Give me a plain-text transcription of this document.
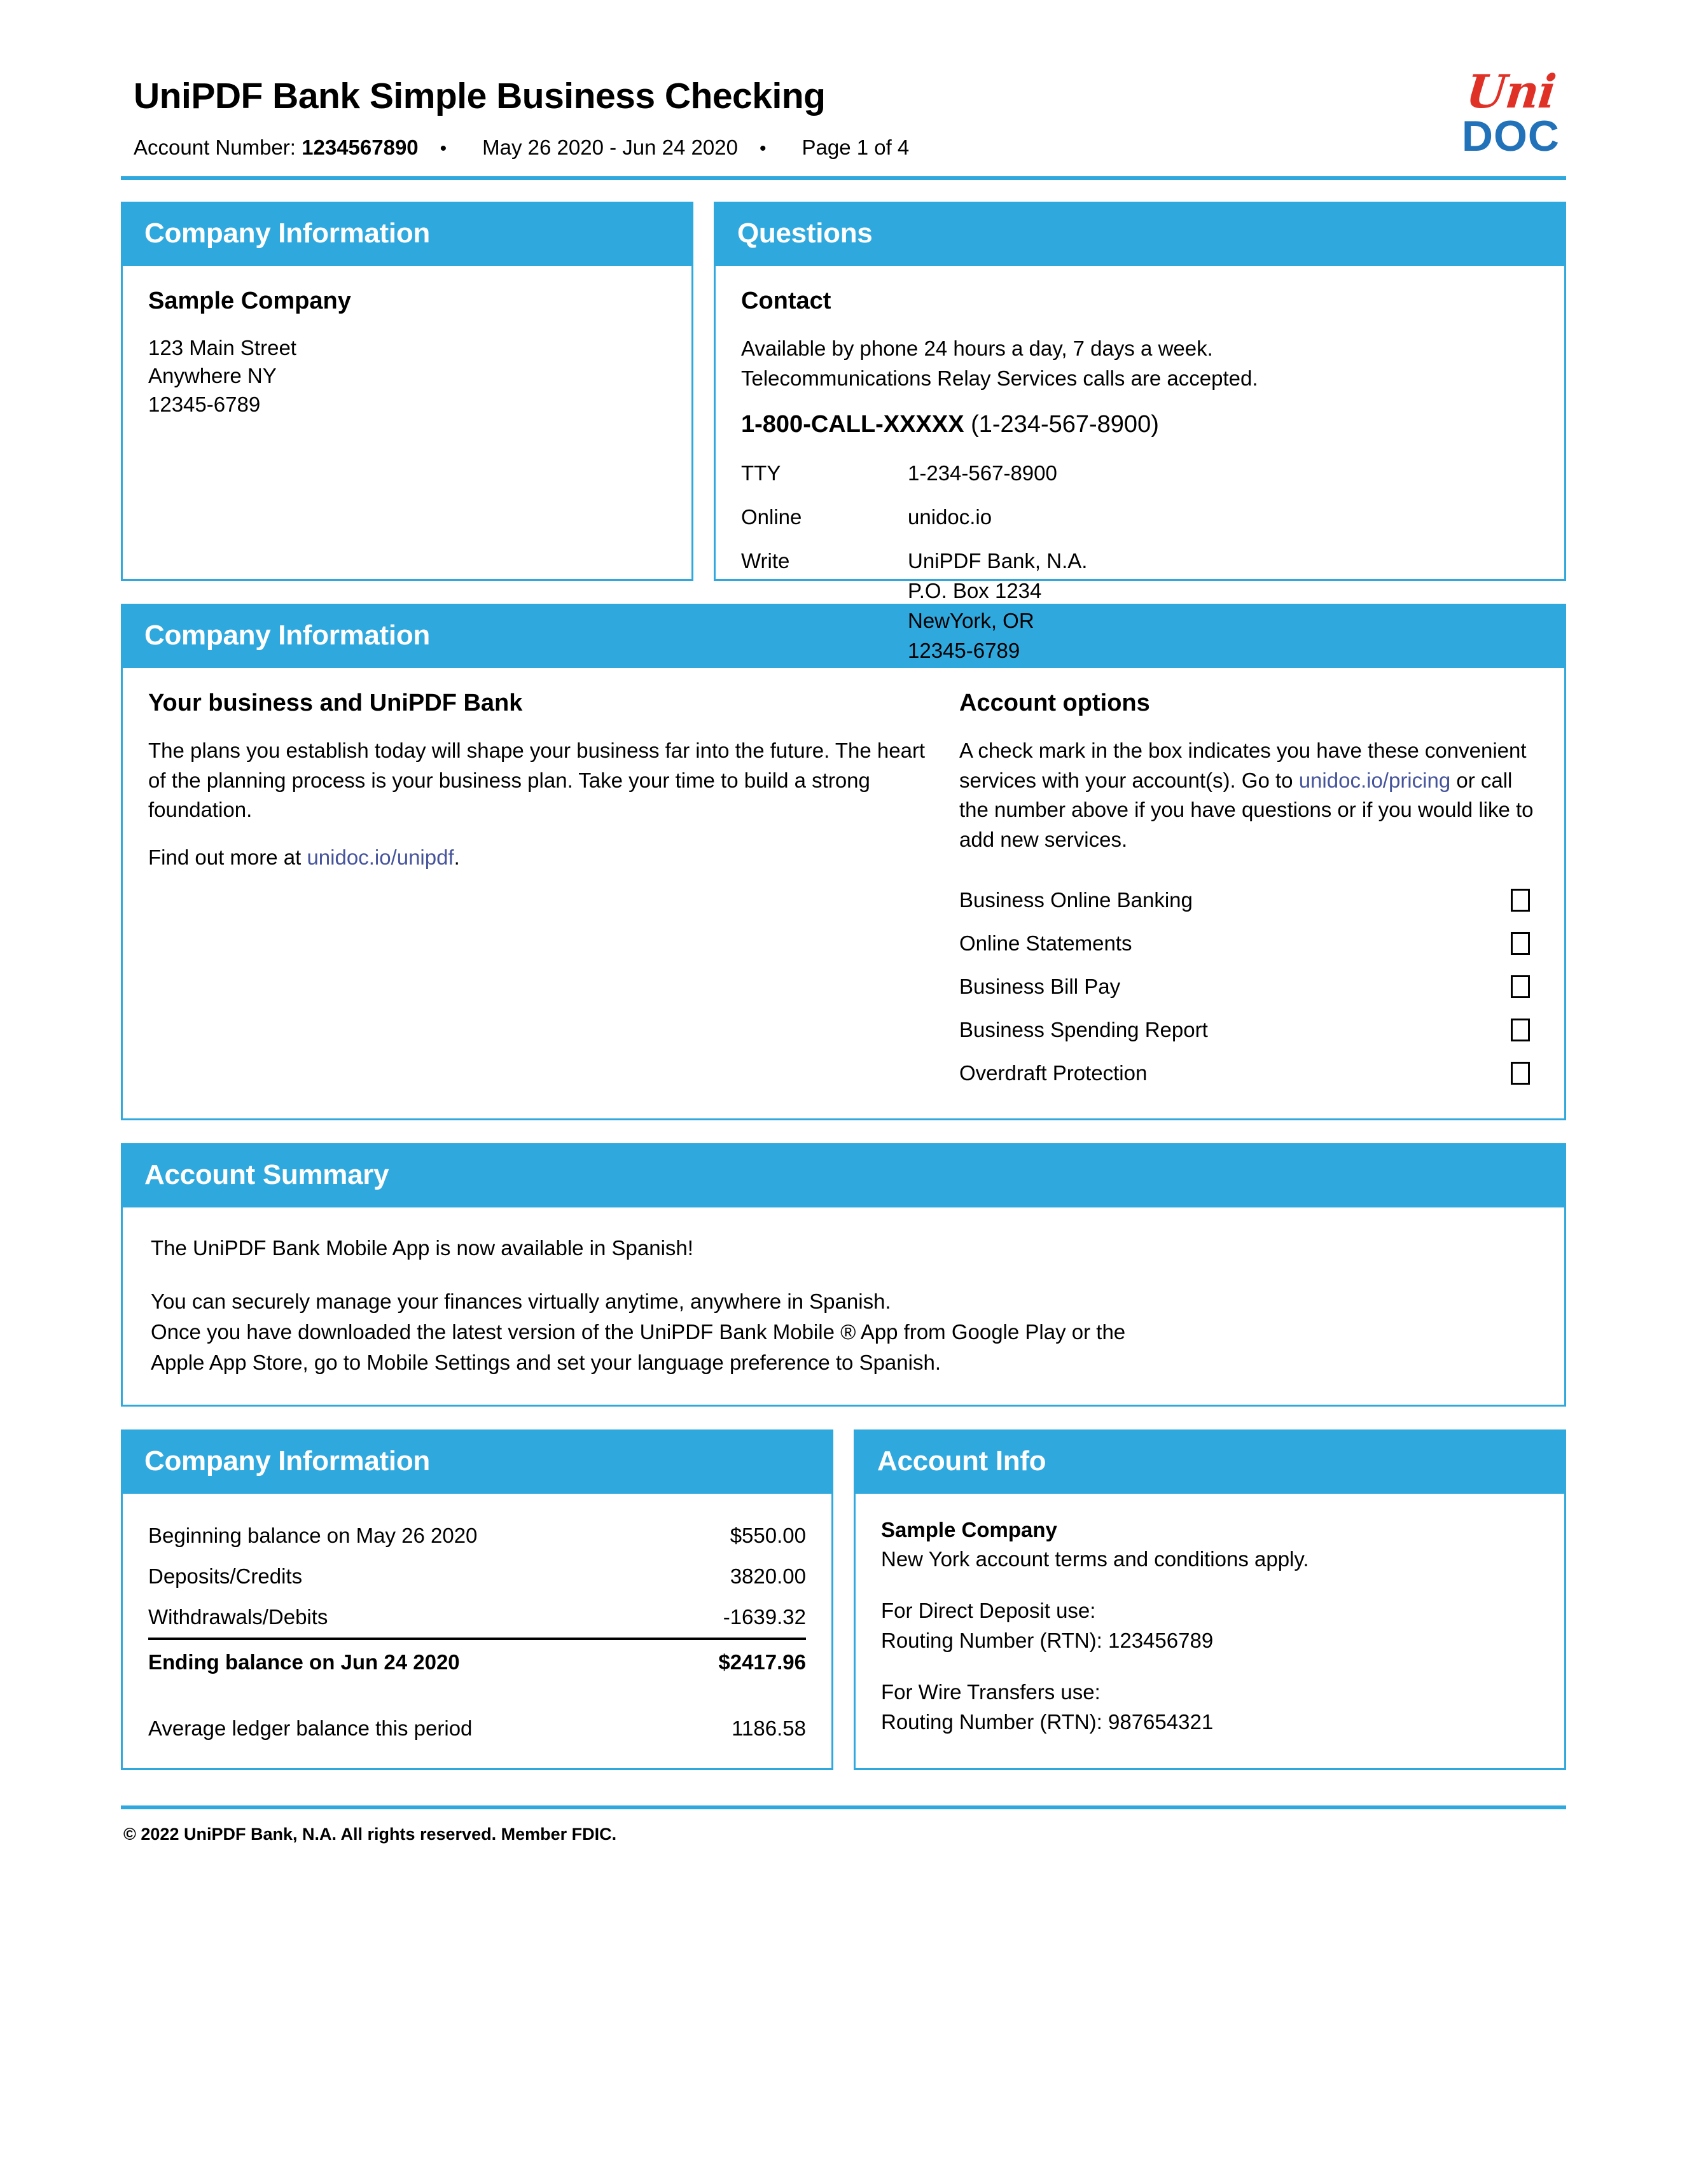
UniPDF Bank Simple Business Checking
Account Number:
1234567890	•	May 26 2020 - Jun 24 2020	•	Page 1 of 4
Uni
DOC
Company Information
Sample Company
123 Main Street
Anywhere NY
12345-6789
Questions
Contact
Available by phone 24 hours a day, 7 days a week.
Telecommunications Relay Services calls are accepted.
1-800-CALL-XXXXX (1-234-567-8900)
TTY	1-234-567-8900
Online	unidoc.io
Write	UniPDF Bank, N.A.
P.O. Box 1234
NewYork, OR
12345-6789
Company Information
Your business and UniPDF Bank
The plans you establish today will shape your business far into the future. The heart of the planning process is your business plan. Take your time to build a strong foundation.
Find out more at unidoc.io/unipdf.
Account options
A check mark in the box indicates you have these convenient services with your account(s). Go to unidoc.io/pricing or call the number above if you have questions or if you would like to add new services.
Business Online Banking
Online Statements
Business Bill Pay
Business Spending Report
Overdraft Protection
Account Summary
The UniPDF Bank Mobile App is now available in Spanish!
You can securely manage your finances virtually anytime, anywhere in Spanish.
Once you have downloaded the latest version of the UniPDF Bank Mobile ® App from Google Play or the
Apple App Store, go to Mobile Settings and set your language preference to Spanish.
Company Information
Beginning balance on May 26 2020	$550.00
Deposits/Credits	3820.00
Withdrawals/Debits	-1639.32
Ending balance on Jun 24 2020	$2417.96

Average ledger balance this period	1186.58
Account Info
Sample Company
New York account terms and conditions apply.
For Direct Deposit use:
Routing Number (RTN): 123456789
For Wire Transfers use:
Routing Number (RTN): 987654321
© 2022 UniPDF Bank, N.A. All rights reserved. Member FDIC.
